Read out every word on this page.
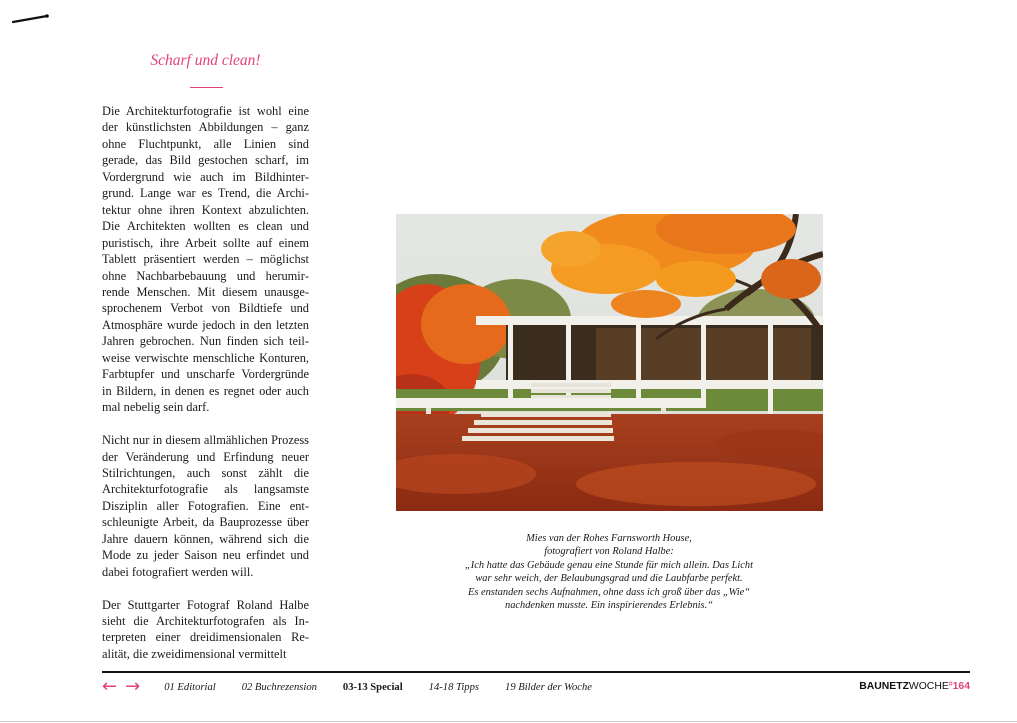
Scharf und clean!

Die Architekturfotografie ist wohl eine der künstlichsten Abbildungen – ganz ohne Fluchtpunkt, alle Linien sind gerade, das Bild gestochen scharf, im Vordergrund wie auch im Bildhintergrund. Lange war es Trend, die Architektur ohne ihren Kontext abzulichten. Die Architekten wollten es clean und puristisch, ihre Arbeit sollte auf einem Tablett präsentiert werden – möglichst ohne Nachbarbebauung und herumirrende Menschen. Mit diesem unausgesprochenem Verbot von Bildtiefe und Atmosphäre wurde jedoch in den letzten Jahren gebrochen. Nun finden sich teilweise verwischte menschliche Konturen, Farbtupfer und unscharfe Vordergründe in Bildern, in denen es regnet oder auch mal nebelig sein darf.

Nicht nur in diesem allmählichen Prozess der Veränderung und Erfindung neuer Stilrichtungen, auch sonst zählt die Architekturfotografie als langsamste Disziplin aller Fotografien. Eine entschleunigte Arbeit, da Bauprozesse über Jahre dauern können, während sich die Mode zu jeder Saison neu erfindet und dabei fotografiert werden will.

Der Stuttgarter Fotograf Roland Halbe sieht die Architekturfotografen als Interpreten einer dreidimensionalen Realität, die zweidimensional vermittelt

Mies van der Rohes Farnsworth House,
fotografiert von Roland Halbe:
„Ich hatte das Gebäude genau eine Stunde für mich allein. Das Licht
war sehr weich, der Belaubungsgrad und die Laubfarbe perfekt.
Es enstanden sechs Aufnahmen, ohne dass ich groß über das „Wie“
nachdenken musste. Ein inspirierendes Erlebnis.“
← → 01 Editorial 02 Buchrezension 03-13 Special 14-18 Tipps 19 Bilder der Woche	BAUNETZWOCHE#164
